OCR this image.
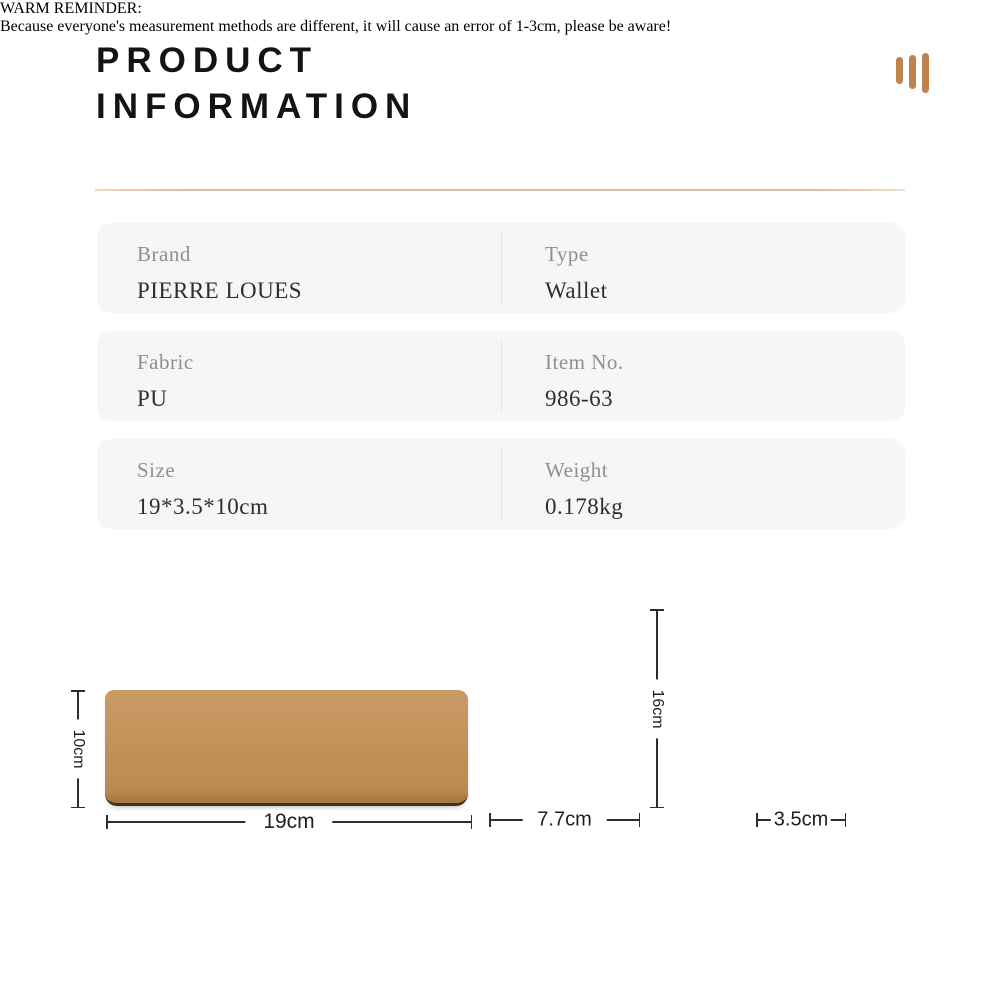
PRODUCT
INFORMATION
Brand
PIERRE LOUES
Type
Wallet
Fabric
PU
Item No.
986-63
Size
19*3.5*10cm
Weight
0.178kg
10cm
19cm
16cm
7.7cm	3.5cm
WARM REMINDER:
Because everyone's measurement methods are different, it will cause an error of 1-3cm, please be aware!
